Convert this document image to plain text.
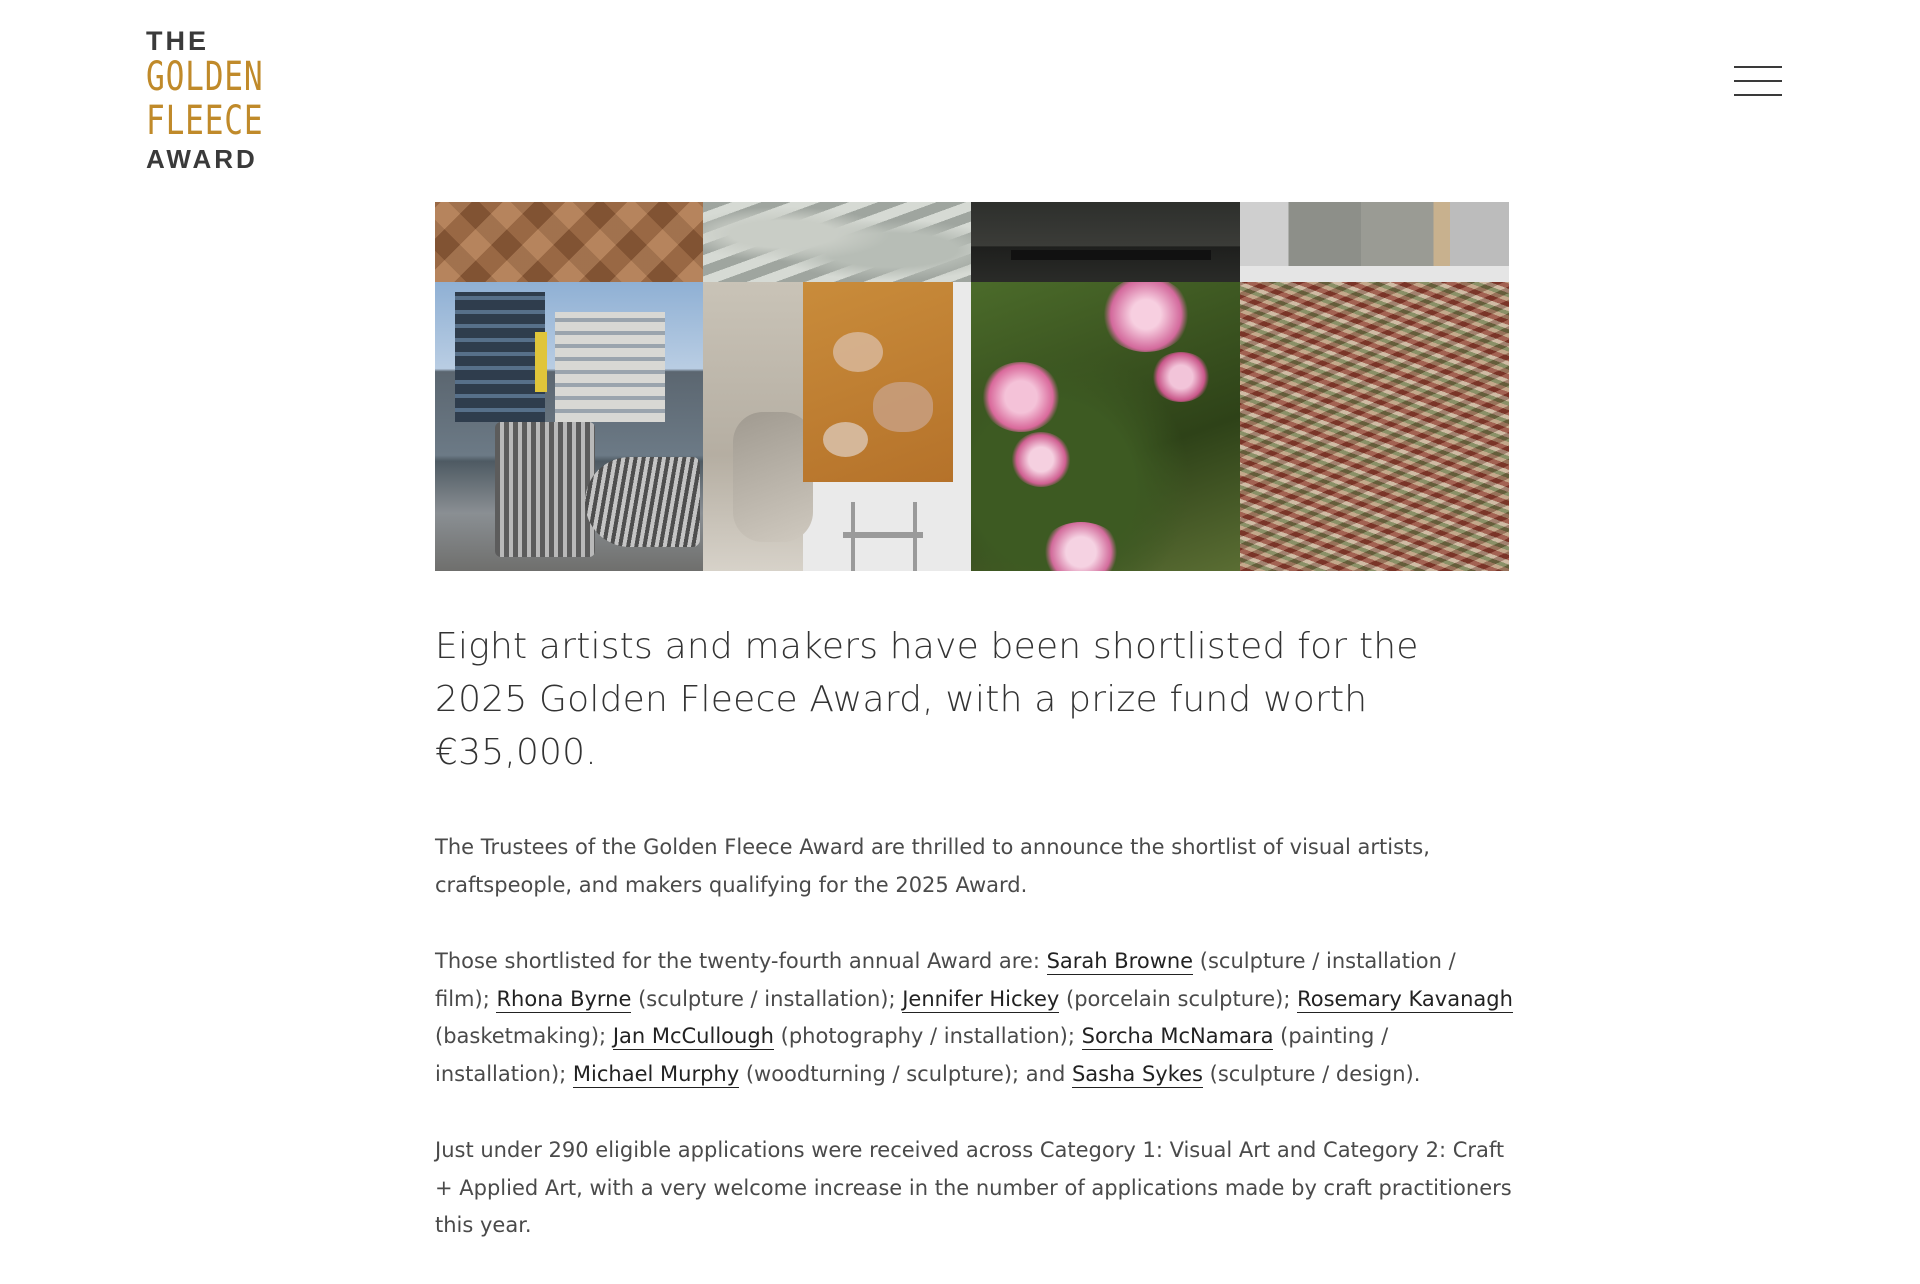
THE
GOLDEN
FLEECE
AWARD

Eight artists and makers have been shortlisted for the 2025 Golden Fleece Award, with a prize fund worth €35,000.

The Trustees of the Golden Fleece Award are thrilled to announce the shortlist of visual artists, craftspeople, and makers qualifying for the 2025 Award.

Those shortlisted for the twenty-fourth annual Award are: Sarah Browne (sculpture / installation / film); Rhona Byrne (sculpture / installation); Jennifer Hickey (porcelain sculpture); Rosemary Kavanagh (basketmaking); Jan McCullough (photography / installation); Sorcha McNamara (painting / installation); Michael Murphy (woodturning / sculpture); and Sasha Sykes (sculpture / design).

Just under 290 eligible applications were received across Category 1: Visual Art and Category 2: Craft + Applied Art, with a very welcome increase in the number of applications made by craft practitioners this year.
